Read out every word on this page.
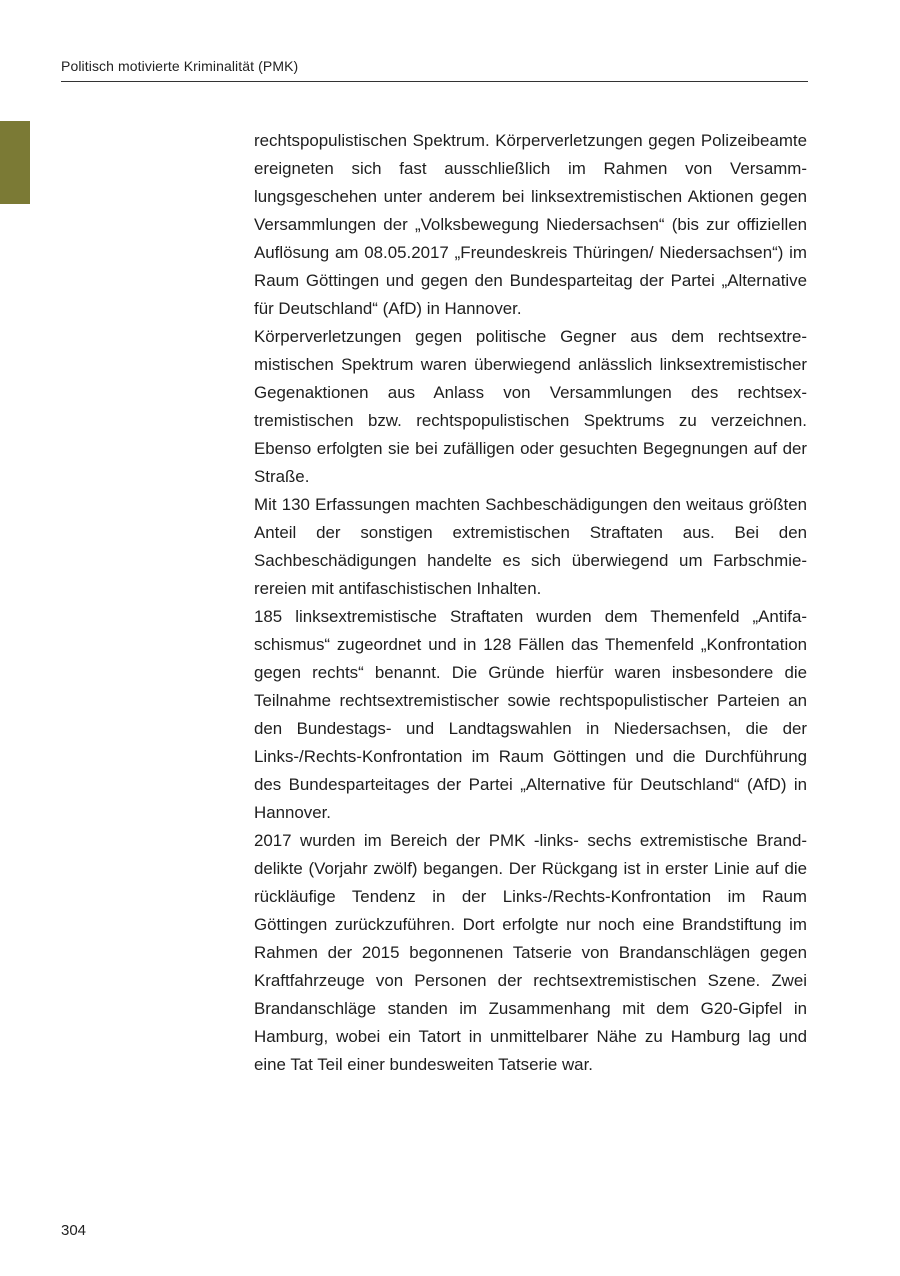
Politisch motivierte Kriminalität (PMK)

rechtspopulistischen Spektrum. Körperverletzungen gegen Polizeibeamte ereigneten sich fast ausschließlich im Rahmen von Versammlungsgeschehen unter anderem bei linksextremistischen Aktionen gegen Versammlungen der „Volksbewegung Niedersachsen“ (bis zur offiziellen Auflösung am 08.05.2017 „Freundeskreis Thüringen/ Niedersachsen“) im Raum Göttingen und gegen den Bundesparteitag der Partei „Alternative für Deutschland“ (AfD) in Hannover.

Körperverletzungen gegen politische Gegner aus dem rechtsextremistischen Spektrum waren überwiegend anlässlich linksextremistischer Gegenaktionen aus Anlass von Versammlungen des rechtsextremistischen bzw. rechtspopulistischen Spektrums zu verzeichnen. Ebenso erfolgten sie bei zufälligen oder gesuchten Begegnungen auf der Straße.

Mit 130 Erfassungen machten Sachbeschädigungen den weitaus größten Anteil der sonstigen extremistischen Straftaten aus. Bei den Sachbeschädigungen handelte es sich überwiegend um Farbschmierereien mit antifaschistischen Inhalten.

185 linksextremistische Straftaten wurden dem Themenfeld „Antifaschismus“ zugeordnet und in 128 Fällen das Themenfeld „Konfrontation gegen rechts“ benannt. Die Gründe hierfür waren insbesondere die Teilnahme rechtsextremistischer sowie rechtspopulistischer Parteien an den Bundestags- und Landtagswahlen in Niedersachsen, die der Links-/Rechts-Konfrontation im Raum Göttingen und die Durchführung des Bundesparteitages der Partei „Alternative für Deutschland“ (AfD) in Hannover.

2017 wurden im Bereich der PMK -links- sechs extremistische Branddelikte (Vorjahr zwölf) begangen. Der Rückgang ist in erster Linie auf die rückläufige Tendenz in der Links-/Rechts-Konfrontation im Raum Göttingen zurückzuführen. Dort erfolgte nur noch eine Brandstiftung im Rahmen der 2015 begonnenen Tatserie von Brandanschlägen gegen Kraftfahrzeuge von Personen der rechtsextremistischen Szene. Zwei Brandanschläge standen im Zusammenhang mit dem G20-Gipfel in Hamburg, wobei ein Tatort in unmittelbarer Nähe zu Hamburg lag und eine Tat Teil einer bundesweiten Tatserie war.

304
